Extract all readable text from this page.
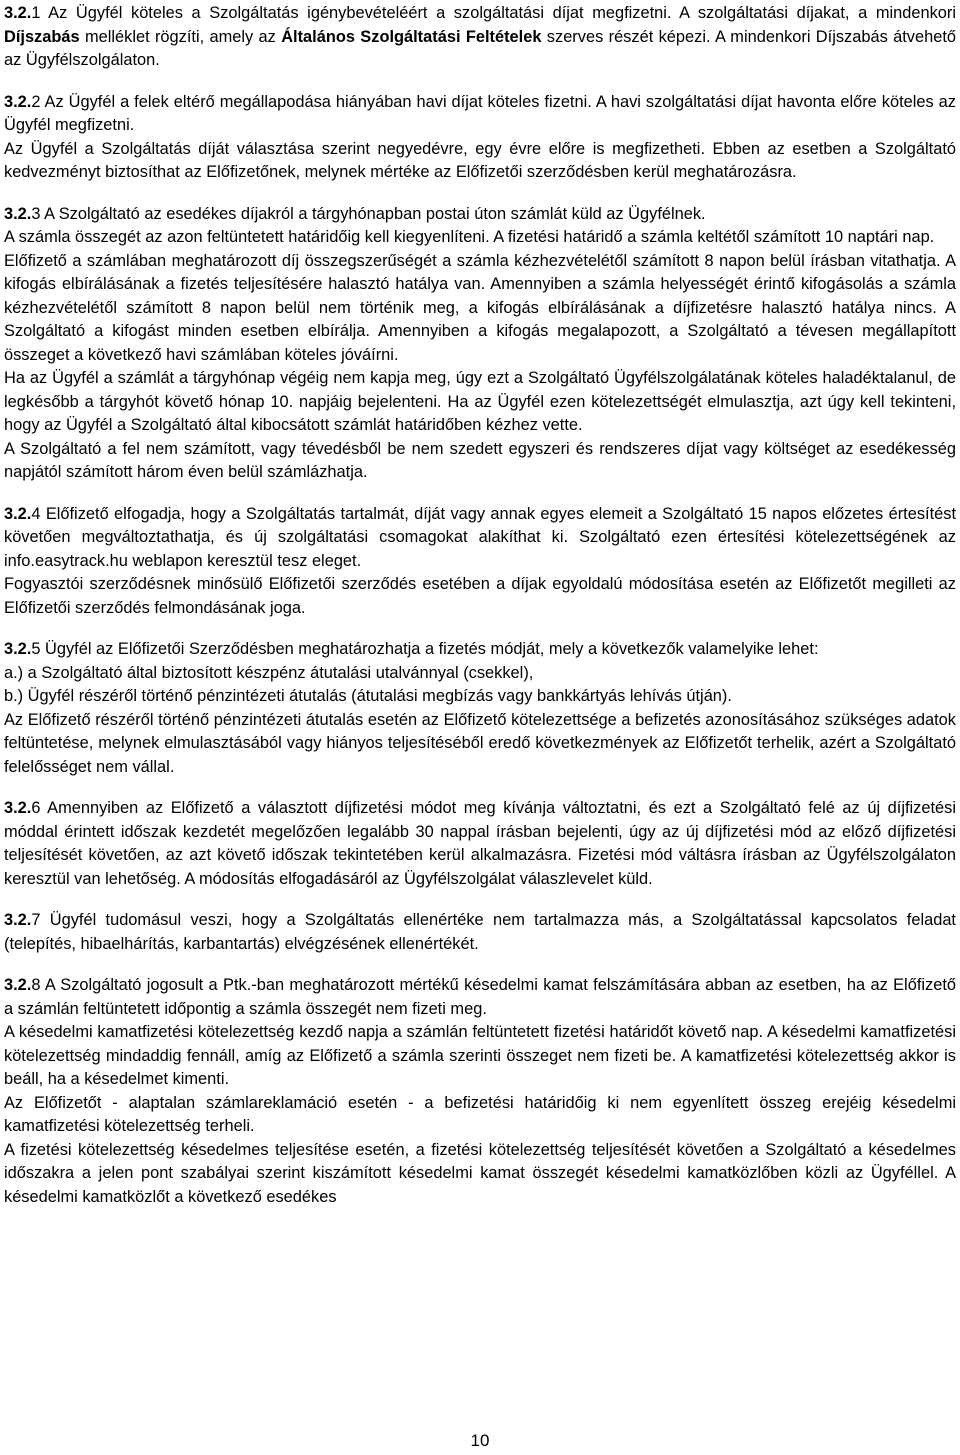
3.2.1 Az Ügyfél köteles a Szolgáltatás igénybevételéért a szolgáltatási díjat megfizetni. A szolgáltatási díjakat, a mindenkori Díjszabás melléklet rögzíti, amely az Általános Szolgáltatási Feltételek szerves részét képezi. A mindenkori Díjszabás átvehető az Ügyfélszolgálaton.

3.2.2 Az Ügyfél a felek eltérő megállapodása hiányában havi díjat köteles fizetni. A havi szolgáltatási díjat havonta előre köteles az Ügyfél megfizetni.

Az Ügyfél a Szolgáltatás díját választása szerint negyedévre, egy évre előre is megfizetheti. Ebben az esetben a Szolgáltató kedvezményt biztosíthat az Előfizetőnek, melynek mértéke az Előfizetői szerződésben kerül meghatározásra.

3.2.3 A Szolgáltató az esedékes díjakról a tárgyhónapban postai úton számlát küld az Ügyfélnek.

A számla összegét az azon feltüntetett határidőig kell kiegyenlíteni. A fizetési határidő a számla keltétől számított 10 naptári nap.

Előfizető a számlában meghatározott díj összegszerűségét a számla kézhezvételétől számított 8 napon belül írásban vitathatja. A kifogás elbírálásának a fizetés teljesítésére halasztó hatálya van. Amennyiben a számla helyességét érintő kifogásolás a számla kézhezvételétől számított 8 napon belül nem történik meg, a kifogás elbírálásának a díjfizetésre halasztó hatálya nincs. A Szolgáltató a kifogást minden esetben elbírálja. Amennyiben a kifogás megalapozott, a Szolgáltató a tévesen megállapított összeget a következő havi számlában köteles jóváírni.

Ha az Ügyfél a számlát a tárgyhónap végéig nem kapja meg, úgy ezt a Szolgáltató Ügyfélszolgálatának köteles haladéktalanul, de legkésőbb a tárgyhót követő hónap 10. napjáig bejelenteni. Ha az Ügyfél ezen kötelezettségét elmulasztja, azt úgy kell tekinteni, hogy az Ügyfél a Szolgáltató által kibocsátott számlát határidőben kézhez vette.

A Szolgáltató a fel nem számított, vagy tévedésből be nem szedett egyszeri és rendszeres díjat vagy költséget az esedékesség napjától számított három éven belül számlázhatja.

3.2.4 Előfizető elfogadja, hogy a Szolgáltatás tartalmát, díját vagy annak egyes elemeit a Szolgáltató 15 napos előzetes értesítést követően megváltoztathatja, és új szolgáltatási csomagokat alakíthat ki. Szolgáltató ezen értesítési kötelezettségének az info.easytrack.hu weblapon keresztül tesz eleget.

Fogyasztói szerződésnek minősülő Előfizetői szerződés esetében a díjak egyoldalú módosítása esetén az Előfizetőt megilleti az Előfizetői szerződés felmondásának joga.

3.2.5 Ügyfél az Előfizetői Szerződésben meghatározhatja a fizetés módját, mely a következők valamelyike lehet:

a.) a Szolgáltató által biztosított készpénz átutalási utalvánnyal (csekkel),

b.) Ügyfél részéről történő pénzintézeti átutalás (átutalási megbízás vagy bankkártyás lehívás útján).

Az Előfizető részéről történő pénzintézeti átutalás esetén az Előfizető kötelezettsége a befizetés azonosításához szükséges adatok feltüntetése, melynek elmulasztásából vagy hiányos teljesítéséből eredő következmények az Előfizetőt terhelik, azért a Szolgáltató felelősséget nem vállal.

3.2.6 Amennyiben az Előfizető a választott díjfizetési módot meg kívánja változtatni, és ezt a Szolgáltató felé az új díjfizetési móddal érintett időszak kezdetét megelőzően legalább 30 nappal írásban bejelenti, úgy az új díjfizetési mód az előző díjfizetési teljesítését követően, az azt követő időszak tekintetében kerül alkalmazásra. Fizetési mód váltásra írásban az Ügyfélszolgálaton keresztül van lehetőség. A módosítás elfogadásáról az Ügyfélszolgálat válaszlevelet küld.

3.2.7 Ügyfél tudomásul veszi, hogy a Szolgáltatás ellenértéke nem tartalmazza más, a Szolgáltatással kapcsolatos feladat (telepítés, hibaelhárítás, karbantartás) elvégzésének ellenértékét.

3.2.8 A Szolgáltató jogosult a Ptk.-ban meghatározott mértékű késedelmi kamat felszámítására abban az esetben, ha az Előfizető a számlán feltüntetett időpontig a számla összegét nem fizeti meg.

A késedelmi kamatfizetési kötelezettség kezdő napja a számlán feltüntetett fizetési határidőt követő nap. A késedelmi kamatfizetési kötelezettség mindaddig fennáll, amíg az Előfizető a számla szerinti összeget nem fizeti be. A kamatfizetési kötelezettség akkor is beáll, ha a késedelmet kimenti.

Az Előfizetőt - alaptalan számlareklamáció esetén - a befizetési határidőig ki nem egyenlített összeg erejéig késedelmi kamatfizetési kötelezettség terheli.

A fizetési kötelezettség késedelmes teljesítése esetén, a fizetési kötelezettség teljesítését követően a Szolgáltató a késedelmes időszakra a jelen pont szabályai szerint kiszámított késedelmi kamat összegét késedelmi kamatközlőben közli az Ügyféllel. A késedelmi kamatközlőt a következő esedékes

10
